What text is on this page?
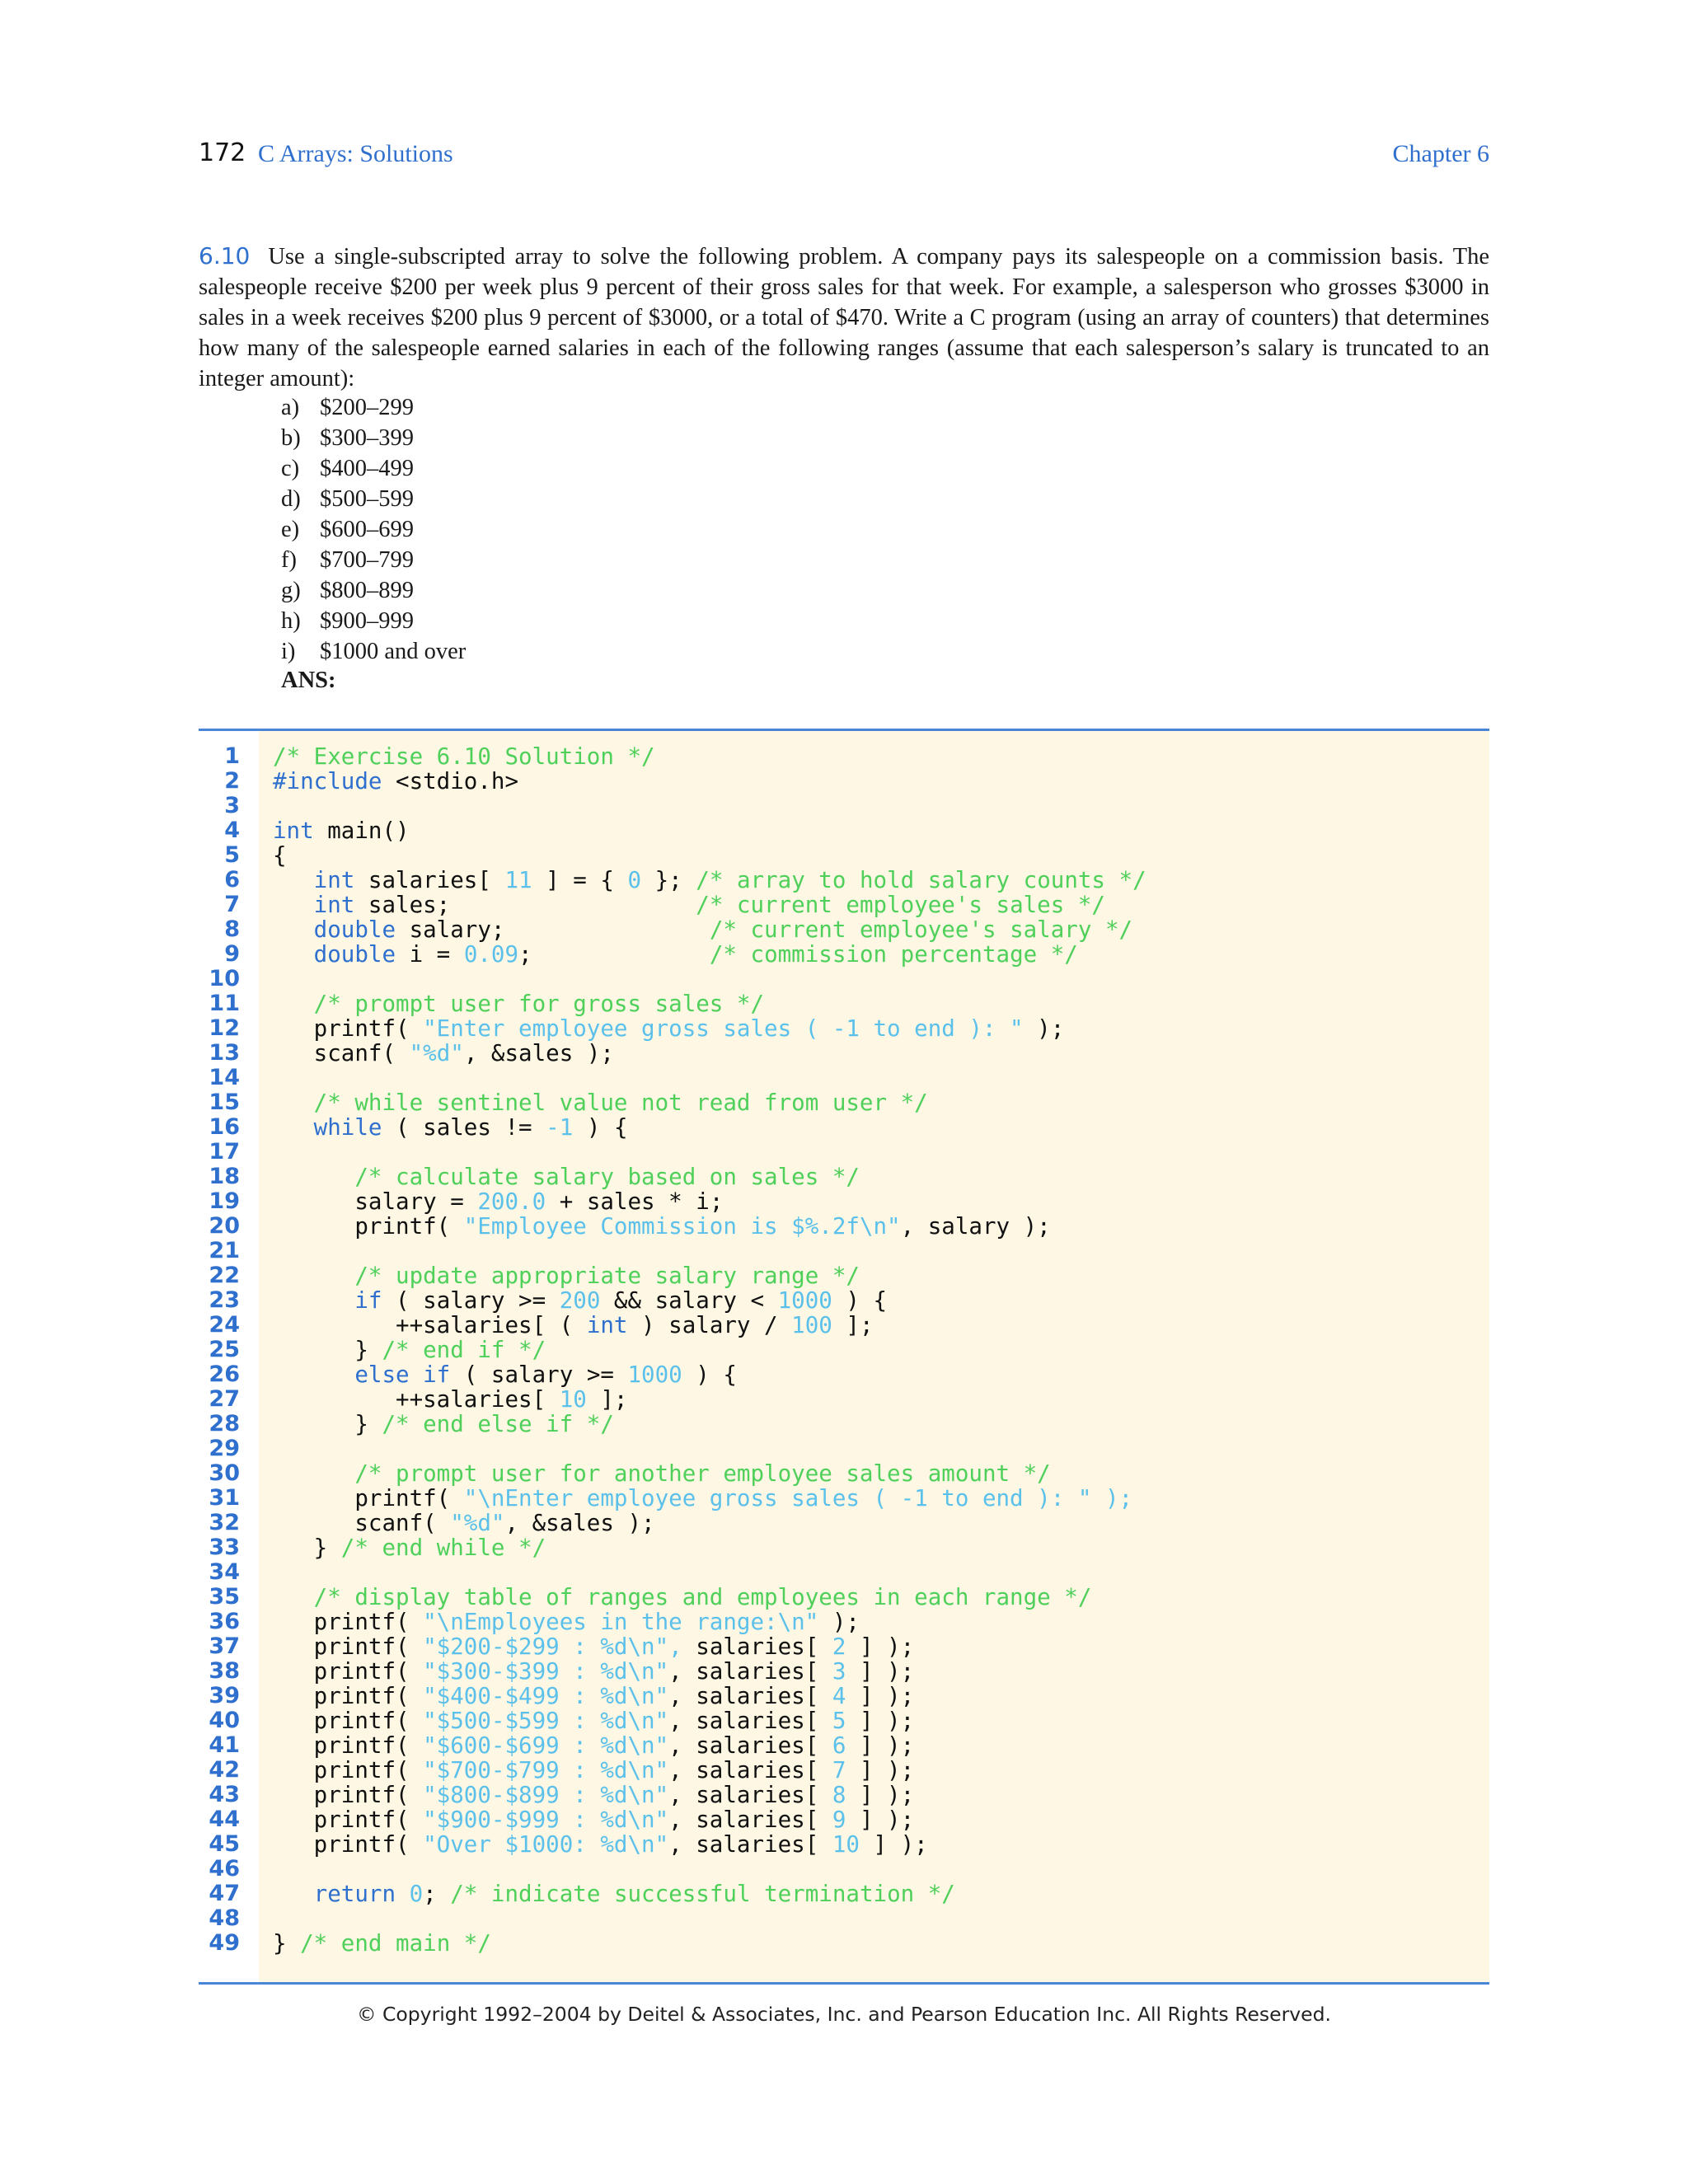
172 C Arrays: Solutions	Chapter 6
6.10 Use a single-subscripted array to solve the following problem. A company pays its salespeople on a commission basis. The salespeople receive $200 per week plus 9 percent of their gross sales for that week. For example, a salesperson who grosses $3000 in sales in a week receives $200 plus 9 percent of $3000, or a total of $470. Write a C program (using an array of counters) that determines how many of the salespeople earned salaries in each of the following ranges (assume that each salesperson’s salary is truncated to an integer amount):
a) $200–299
b) $300–399
c) $400–499
d) $500–599
e) $600–699
f) $700–799
g) $800–899
h) $900–999
i)	$1000 and over
ANS:
1 /* Exercise 6.10 Solution */
2 #include <stdio.h>
3
4 int main()
5 {
6	int salaries[ 11 ] = { 0 }; /* array to hold salary counts */
7	int sales;                  /* current employee's sales */
8	double salary;               /* current employee's salary */
9	double i = 0.09;             /* commission percentage */
10
11	/* prompt user for gross sales */
12 printf( "Enter employee gross sales ( -1 to end ): " );
13 scanf( "%d", &sales );
14
15	/* while sentinel value not read from user */
16	while ( sales != -1 ) {
17
18	/* calculate salary based on sales */
19 salary = 200.0 + sales * i;
20 printf( "Employee Commission is $%.2f\n", salary );
21
22	/* update appropriate salary range */
23	if ( salary >= 200 && salary < 1000 ) {
24 ++salaries[ ( int ) salary / 100 ];
25 } /* end if */
26	else if ( salary >= 1000 ) {
27 ++salaries[ 10 ];
28 } /* end else if */
29
30	/* prompt user for another employee sales amount */
31 printf( "\nEnter employee gross sales ( -1 to end ): " );
32 scanf( "%d", &sales );
33 } /* end while */
34
35	/* display table of ranges and employees in each range */
36 printf( "\nEmployees in the range:\n" );
37 printf( "$200-$299 : %d\n", salaries[ 2 ] );
38 printf( "$300-$399 : %d\n", salaries[ 3 ] );
39 printf( "$400-$499 : %d\n", salaries[ 4 ] );
40 printf( "$500-$599 : %d\n", salaries[ 5 ] );
41 printf( "$600-$699 : %d\n", salaries[ 6 ] );
42 printf( "$700-$799 : %d\n", salaries[ 7 ] );
43 printf( "$800-$899 : %d\n", salaries[ 8 ] );
44 printf( "$900-$999 : %d\n", salaries[ 9 ] );
45 printf( "Over $1000: %d\n", salaries[ 10 ] );
46
47	return 0; /* indicate successful termination */
48
49 } /* end main */
© Copyright 1992–2004 by Deitel & Associates, Inc. and Pearson Education Inc. All Rights Reserved.
